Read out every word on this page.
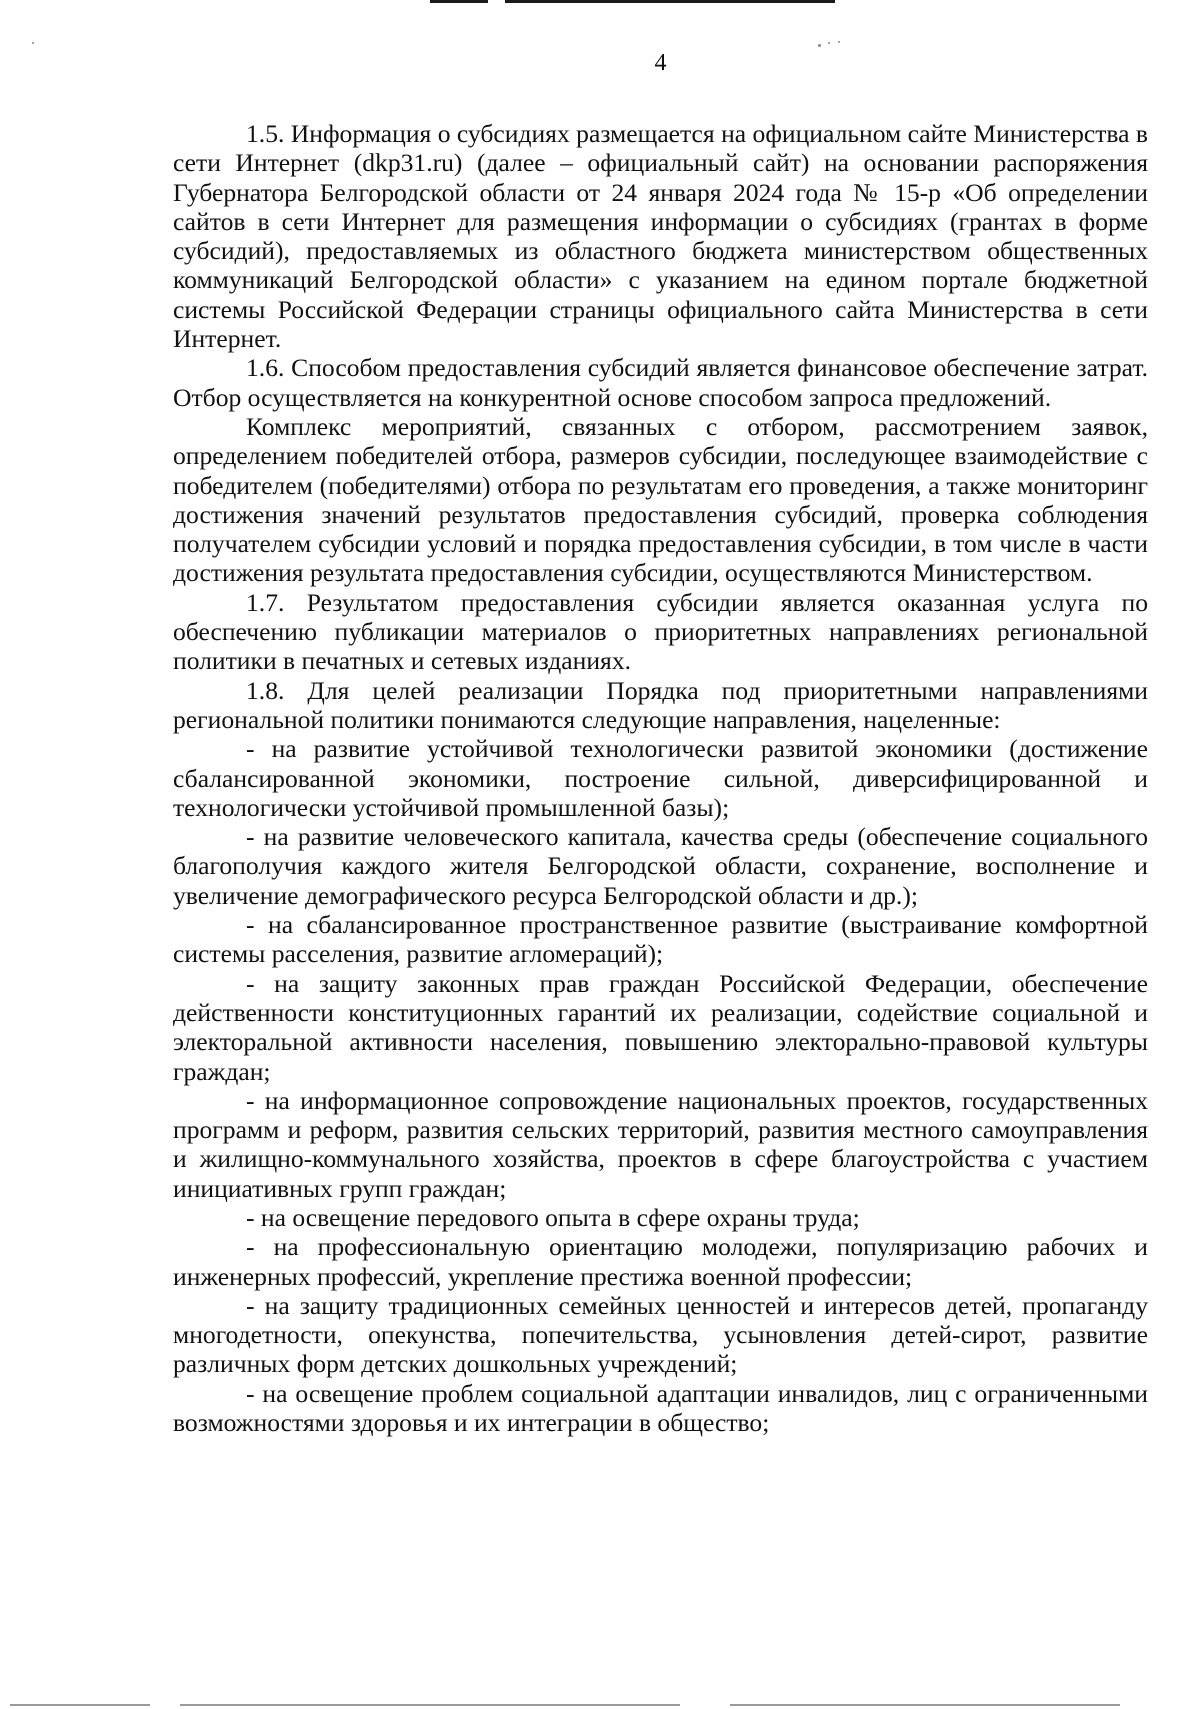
4

1.5. Информация о субсидиях размещается на официальном сайте Министерства в сети Интернет (dkp31.ru) (далее – официальный сайт) на основании распоряжения Губернатора Белгородской области от 24 января 2024 года № 15-р «Об определении сайтов в сети Интернет для размещения информации о субсидиях (грантах в форме субсидий), предоставляемых из областного бюджета министерством общественных коммуникаций Белгородской области» с указанием на едином портале бюджетной системы Российской Федерации страницы официального сайта Министерства в сети Интернет.

1.6. Способом предоставления субсидий является финансовое обеспечение затрат. Отбор осуществляется на конкурентной основе способом запроса предложений.

Комплекс мероприятий, связанных с отбором, рассмотрением заявок, определением победителей отбора, размеров субсидии, последующее взаимодействие с победителем (победителями) отбора по результатам его проведения, а также мониторинг достижения значений результатов предоставления субсидий, проверка соблюдения получателем субсидии условий и порядка предоставления субсидии, в том числе в части достижения результата предоставления субсидии, осуществляются Министерством.

1.7. Результатом предоставления субсидии является оказанная услуга по обеспечению публикации материалов о приоритетных направлениях региональной политики в печатных и сетевых изданиях.

1.8. Для целей реализации Порядка под приоритетными направлениями региональной политики понимаются следующие направления, нацеленные:

- на развитие устойчивой технологически развитой экономики (достижение сбалансированной экономики, построение сильной, диверсифицированной и технологически устойчивой промышленной базы);

- на развитие человеческого капитала, качества среды (обеспечение социального благополучия каждого жителя Белгородской области, сохранение, восполнение и увеличение демографического ресурса Белгородской области и др.);

- на сбалансированное пространственное развитие (выстраивание комфортной системы расселения, развитие агломераций);

- на защиту законных прав граждан Российской Федерации, обеспечение действенности конституционных гарантий их реализации, содействие социальной и электоральной активности населения, повышению электорально-правовой культуры граждан;

- на информационное сопровождение национальных проектов, государственных программ и реформ, развития сельских территорий, развития местного самоуправления и жилищно-коммунального хозяйства, проектов в сфере благоустройства с участием инициативных групп граждан;

- на освещение передового опыта в сфере охраны труда;

- на профессиональную ориентацию молодежи, популяризацию рабочих и инженерных профессий, укрепление престижа военной профессии;

- на защиту традиционных семейных ценностей и интересов детей, пропаганду многодетности, опекунства, попечительства, усыновления детей-сирот, развитие различных форм детских дошкольных учреждений;

- на освещение проблем социальной адаптации инвалидов, лиц с ограниченными возможностями здоровья и их интеграции в общество;
